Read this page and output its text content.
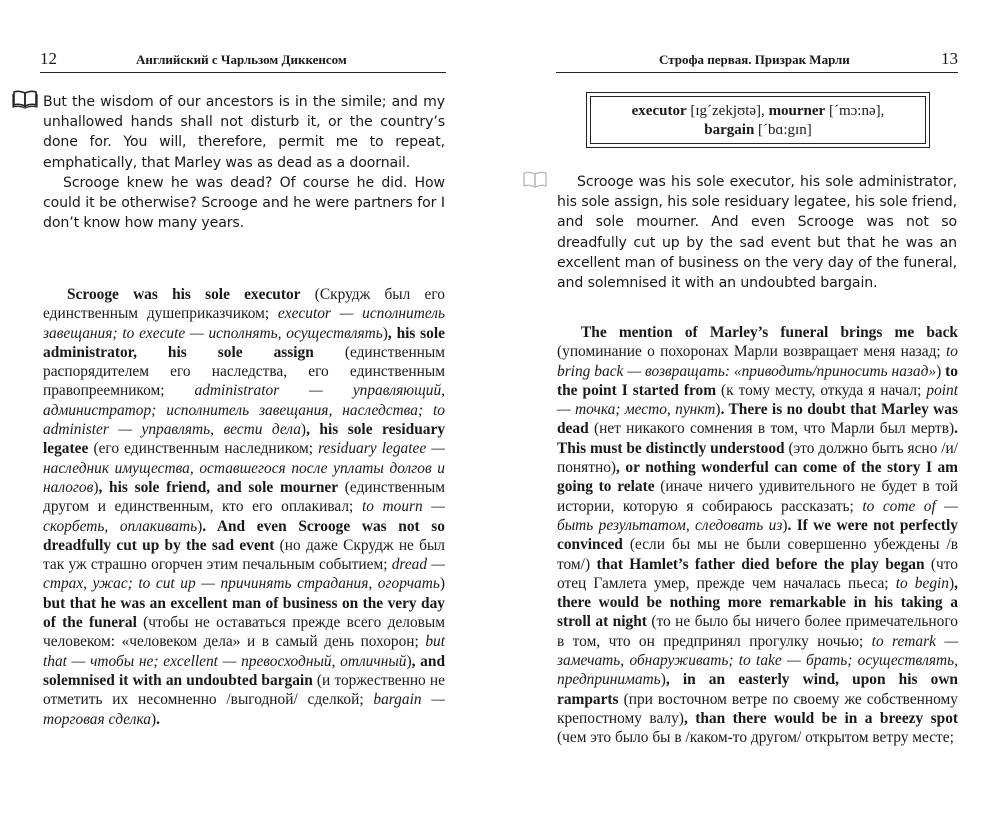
12	Английский с Чарльзом Диккенсом

But the wisdom of our ancestors is in the simile; and my unhallowed hands shall not disturb it, or the country’s done for. You will, therefore, permit me to repeat, emphatically, that Marley was as dead as a doornail.

Scrooge knew he was dead? Of course he did. How could it be otherwise? Scrooge and he were partners for I don’t know how many years.

Scrooge was his sole executor (Скрудж был его единственным душеприказчиком; executor — исполнитель завещания; to execute — исполнять, осуществлять), his sole administrator, his sole assign (единственным распорядителем его наследства, его единственным правопреемником; administrator — управляющий, администратор; исполнитель завещания, наследства; to administer — управлять, вести дела), his sole residuary legatee (его единственным наследником; residuary legatee — наследник имущества, оставшегося после уплаты долгов и налогов), his sole friend, and sole mourner (единственным другом и единственным, кто его оплакивал; to mourn — скорбеть, оплакивать). And even Scrooge was not so dreadfully cut up by the sad event (но даже Скрудж не был так уж страшно огорчен этим печальным событием; dread — страх, ужас; to cut up — причинять страдания, огорчать) but that he was an excellent man of business on the very day of the funeral (чтобы не оставаться прежде всего деловым человеком: «человеком дела» и в самый день похорон; but that — чтобы не; excellent — превосходный, отличный), and solemnised it with an undoubted bargain (и торжественно не отметить их несомненно /выгодной/ сделкой; bargain — торговая сделка).

Строфа первая. Призрак Марли	13
executor [ɪg´zekjʊtə], mourner [´mɔ:nə],
bargain [´bɑ:gɪn]

Scrooge was his sole executor, his sole administrator, his sole assign, his sole residuary legatee, his sole friend, and sole mourner. And even Scrooge was not so dreadfully cut up by the sad event but that he was an excellent man of business on the very day of the funeral, and solemnised it with an undoubted bargain.

The mention of Marley’s funeral brings me back (упоминание о похоронах Марли возвращает меня назад; to bring back — возвращать: «приводить/приносить назад») to the point I started from (к тому месту, откуда я начал; point — точка; место, пункт). There is no doubt that Marley was dead (нет никакого сомнения в том, что Марли был мертв). This must be distinctly understood (это должно быть ясно /и/ понятно), or nothing wonderful can come of the story I am going to relate (иначе ничего удивительного не будет в той истории, которую я собираюсь рассказать; to come of — быть результатом, следовать из). If we were not perfectly convinced (если бы мы не были совершенно убеждены /в том/) that Hamlet’s father died before the play began (что отец Гамлета умер, прежде чем началась пьеса; to begin), there would be nothing more remarkable in his taking a stroll at night (то не было бы ничего более примечательного в том, что он предпринял прогулку ночью; to remark — замечать, обнаруживать; to take — брать; осуществлять, предпринимать), in an easterly wind, upon his own ramparts (при восточном ветре по своему же собственному крепостному валу), than there would be in a breezy spot (чем это было бы в /каком-то другом/ открытом ветру месте;
